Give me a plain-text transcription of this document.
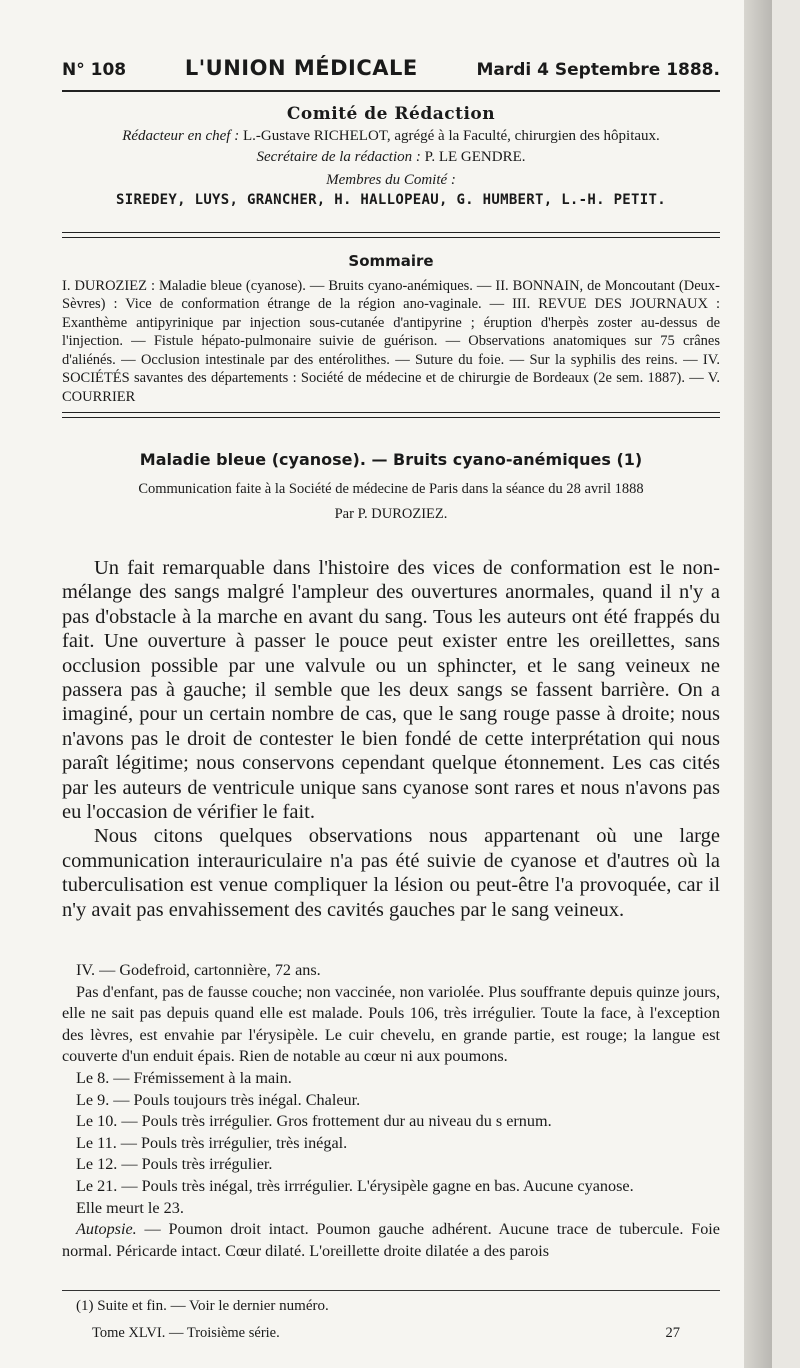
N° 108	L'UNION MÉDICALE	Mardi 4 Septembre 1888.
Comité de Rédaction
Rédacteur en chef : L.-Gustave RICHELOT, agrégé à la Faculté, chirurgien des hôpitaux.
Secrétaire de la rédaction : P. LE GENDRE.
Membres du Comité :
SIREDEY, LUYS, GRANCHER, H. HALLOPEAU, G. HUMBERT, L.-H. PETIT.
Sommaire
I. DUROZIEZ : Maladie bleue (cyanose). — Bruits cyano-anémiques. — II. BONNAIN, de Moncoutant (Deux-Sèvres) : Vice de conformation étrange de la région ano-vaginale. — III. REVUE DES JOURNAUX : Exanthème antipyrinique par injection sous-cutanée d'antipyrine ; éruption d'herpès zoster au-dessus de l'injection. — Fistule hépato-pulmonaire suivie de guérison. — Observations anatomiques sur 75 crânes d'aliénés. — Occlusion intestinale par des entérolithes. — Suture du foie. — Sur la syphilis des reins. — IV. SOCIÉTÉS savantes des départements : Société de médecine et de chirurgie de Bordeaux (2e sem. 1887). — V. COURRIER
Maladie bleue (cyanose). — Bruits cyano-anémiques (1)
Communication faite à la Société de médecine de Paris dans la séance du 28 avril 1888
Par P. DUROZIEZ.

Un fait remarquable dans l'histoire des vices de conformation est le non-mélange des sangs malgré l'ampleur des ouvertures anormales, quand il n'y a pas d'obstacle à la marche en avant du sang. Tous les auteurs ont été frappés du fait. Une ouverture à passer le pouce peut exister entre les oreillettes, sans occlusion possible par une valvule ou un sphincter, et le sang veineux ne passera pas à gauche; il semble que les deux sangs se fassent barrière. On a imaginé, pour un certain nombre de cas, que le sang rouge passe à droite; nous n'avons pas le droit de contester le bien fondé de cette interprétation qui nous paraît légitime; nous conservons cependant quelque étonnement. Les cas cités par les auteurs de ventricule unique sans cyanose sont rares et nous n'avons pas eu l'occasion de vérifier le fait.

Nous citons quelques observations nous appartenant où une large communication interauriculaire n'a pas été suivie de cyanose et d'autres où la tuberculisation est venue compliquer la lésion ou peut-être l'a provoquée, car il n'y avait pas envahissement des cavités gauches par le sang veineux.

IV. — Godefroid, cartonnière, 72 ans.

Pas d'enfant, pas de fausse couche; non vaccinée, non variolée. Plus souffrante depuis quinze jours, elle ne sait pas depuis quand elle est malade. Pouls 106, très irrégulier. Toute la face, à l'exception des lèvres, est envahie par l'érysipèle. Le cuir chevelu, en grande partie, est rouge; la langue est couverte d'un enduit épais. Rien de notable au cœur ni aux poumons.

Le 8. — Frémissement à la main.

Le 9. — Pouls toujours très inégal. Chaleur.

Le 10. — Pouls très irrégulier. Gros frottement dur au niveau du s ernum.

Le 11. — Pouls très irrégulier, très inégal.

Le 12. — Pouls très irrégulier.

Le 21. — Pouls très inégal, très irrrégulier. L'érysipèle gagne en bas. Aucune cyanose.

Elle meurt le 23.

Autopsie. — Poumon droit intact. Poumon gauche adhérent. Aucune trace de tubercule. Foie normal. Péricarde intact. Cœur dilaté. L'oreillette droite dilatée a des parois

(1) Suite et fin. — Voir le dernier numéro.
Tome XLVI. — Troisième série.	27
